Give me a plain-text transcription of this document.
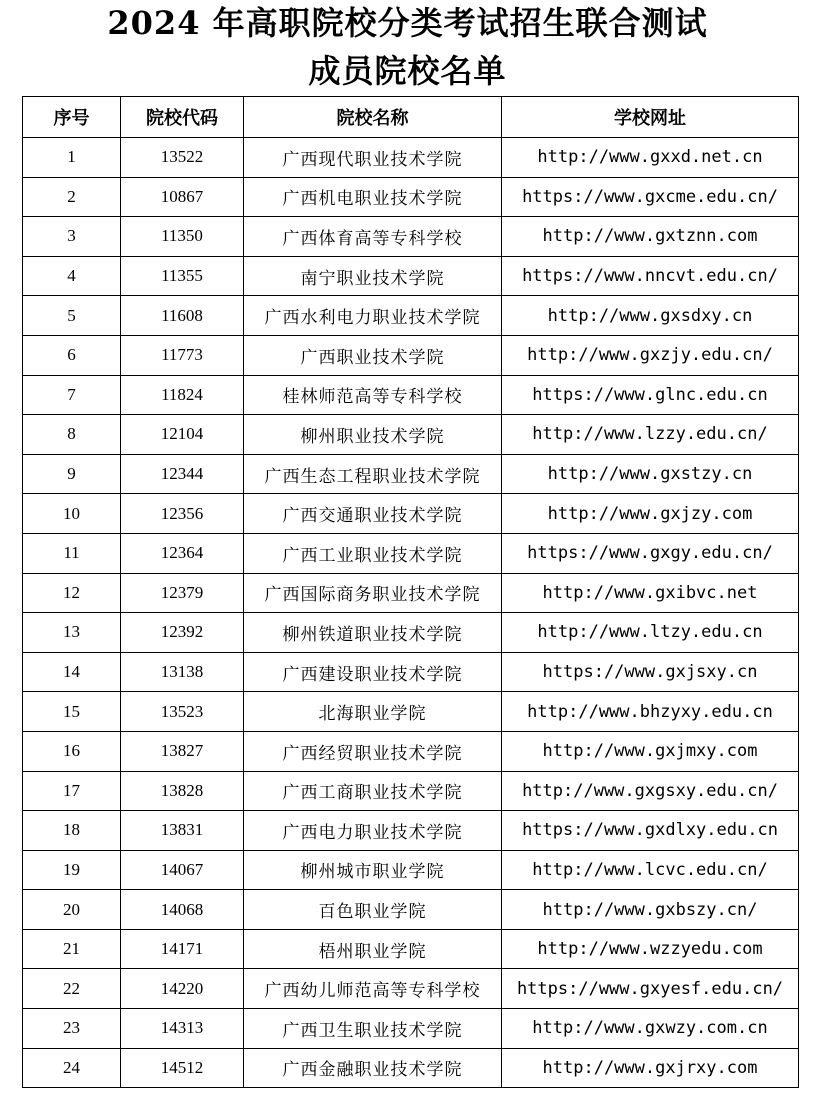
2024 年高职院校分类考试招生联合测试
成员院校名单
序号	院校代码	院校名称	学校网址
1	13522	广西现代职业技术学院	http://www.gxxd.net.cn
2	10867	广西机电职业技术学院	https://www.gxcme.edu.cn/
3	11350	广西体育高等专科学校	http://www.gxtznn.com
4	11355	南宁职业技术学院	https://www.nncvt.edu.cn/
5	11608	广西水利电力职业技术学院	http://www.gxsdxy.cn
6	11773	广西职业技术学院	http://www.gxzjy.edu.cn/
7	11824	桂林师范高等专科学校	https://www.glnc.edu.cn
8	12104	柳州职业技术学院	http://www.lzzy.edu.cn/
9	12344	广西生态工程职业技术学院	http://www.gxstzy.cn
10	12356	广西交通职业技术学院	http://www.gxjzy.com
11	12364	广西工业职业技术学院	https://www.gxgy.edu.cn/
12	12379	广西国际商务职业技术学院	http://www.gxibvc.net
13	12392	柳州铁道职业技术学院	http://www.ltzy.edu.cn
14	13138	广西建设职业技术学院	https://www.gxjsxy.cn
15	13523	北海职业学院	http://www.bhzyxy.edu.cn
16	13827	广西经贸职业技术学院	http://www.gxjmxy.com
17	13828	广西工商职业技术学院	http://www.gxgsxy.edu.cn/
18	13831	广西电力职业技术学院	https://www.gxdlxy.edu.cn
19	14067	柳州城市职业学院	http://www.lcvc.edu.cn/
20	14068	百色职业学院	http://www.gxbszy.cn/
21	14171	梧州职业学院	http://www.wzzyedu.com
22	14220	广西幼儿师范高等专科学校	https://www.gxyesf.edu.cn/
23	14313	广西卫生职业技术学院	http://www.gxwzy.com.cn
24	14512	广西金融职业技术学院	http://www.gxjrxy.com
